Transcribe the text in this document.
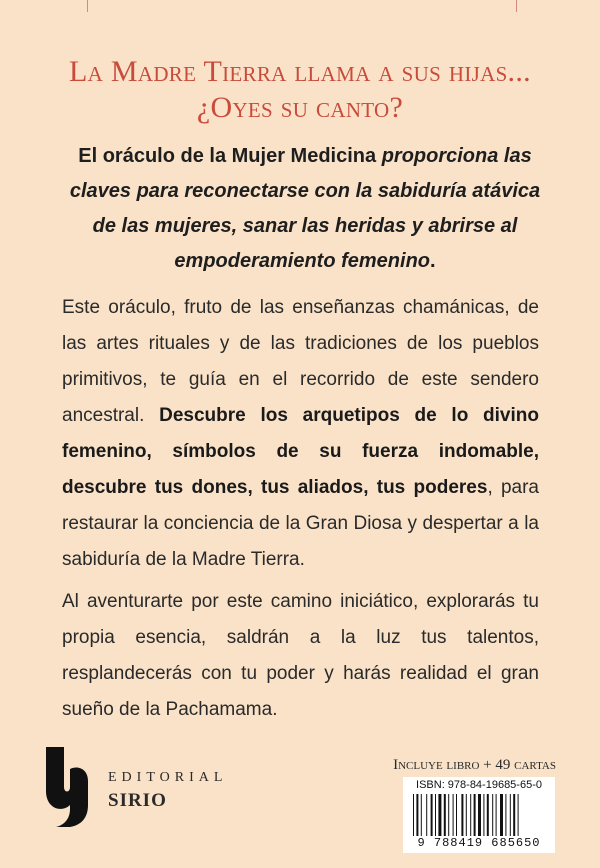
La Madre Tierra llama a sus hijas...
¿Oyes su canto?
El oráculo de la Mujer Medicina proporciona las claves para reconectarse con la sabiduría atávica de las mujeres, sanar las heridas y abrirse al empoderamiento femenino.
Este oráculo, fruto de las enseñanzas chamánicas, de las artes rituales y de las tradiciones de los pueblos primitivos, te guía en el recorrido de este sendero ancestral. Descubre los arquetipos de lo divino femenino, símbolos de su fuerza indomable, descubre tus dones, tus aliados, tus poderes, para restaurar la conciencia de la Gran Diosa y despertar a la sabiduría de la Madre Tierra.
Al aventurarte por este camino iniciático, explorarás tu propia esencia, saldrán a la luz tus talentos, resplandecerás con tu poder y harás realidad el gran sueño de la Pachamama.
EDITORIAL
SIRIO
Incluye libro + 49 cartas
ISBN: 978-84-19685-65-0
9 788419 685650
